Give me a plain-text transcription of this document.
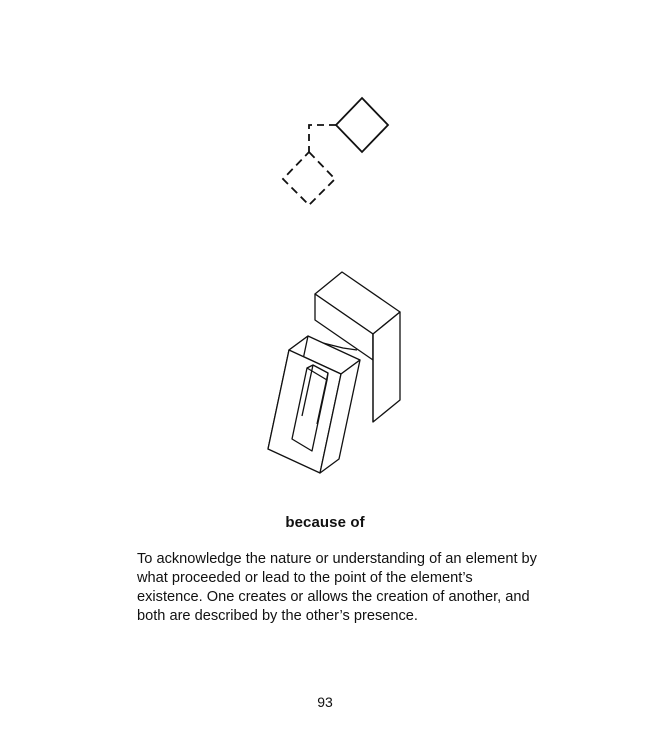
because of

To acknowledge the nature or understanding of an element by what proceeded or lead to the point of the element’s existence. One creates or allows the creation of another, and both are described by the other’s presence.

93
